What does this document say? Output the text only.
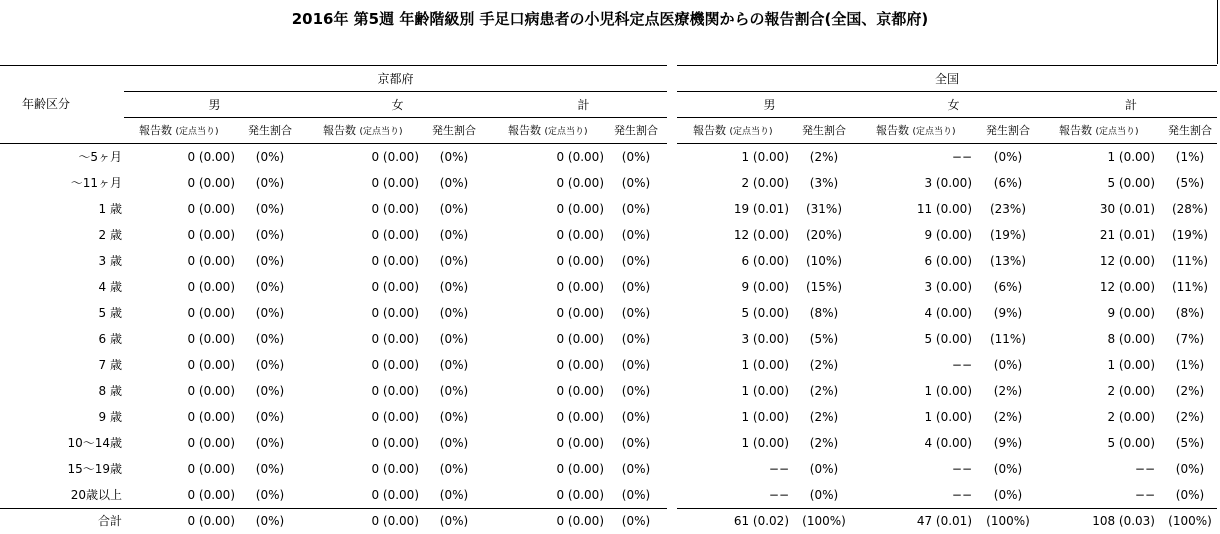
2016年 第5週 年齢階級別 手足口病患者の小児科定点医療機関からの報告割合(全国、京都府)
年齢区分
京都府	全国
男
報告数 (定点当り)	発生割合
女
報告数 (定点当り)	発生割合
計
報告数 (定点当り)	発生割合
男
報告数 (定点当り)	発生割合
女
報告数 (定点当り)	発生割合
計
報告数 (定点当り)	発生割合
〜5ヶ月	0 (0.00)	(0%)	0 (0.00)	(0%)	0 (0.00)	(0%)	1 (0.00)	(2%)	−−	(0%)	1 (0.00)	(1%)
〜11ヶ月	0 (0.00)	(0%)	0 (0.00)	(0%)	0 (0.00)	(0%)	2 (0.00)	(3%)	3 (0.00)	(6%)	5 (0.00)	(5%)
1 歳	0 (0.00)	(0%)	0 (0.00)	(0%)	0 (0.00)	(0%)	19 (0.01)	(31%)	11 (0.00)	(23%)	30 (0.01)	(28%)
2 歳	0 (0.00)	(0%)	0 (0.00)	(0%)	0 (0.00)	(0%)	12 (0.00)	(20%)	9 (0.00)	(19%)	21 (0.01)	(19%)
3 歳	0 (0.00)	(0%)	0 (0.00)	(0%)	0 (0.00)	(0%)	6 (0.00)	(10%)	6 (0.00)	(13%)	12 (0.00)	(11%)
4 歳	0 (0.00)	(0%)	0 (0.00)	(0%)	0 (0.00)	(0%)	9 (0.00)	(15%)	3 (0.00)	(6%)	12 (0.00)	(11%)
5 歳	0 (0.00)	(0%)	0 (0.00)	(0%)	0 (0.00)	(0%)	5 (0.00)	(8%)	4 (0.00)	(9%)	9 (0.00)	(8%)
6 歳	0 (0.00)	(0%)	0 (0.00)	(0%)	0 (0.00)	(0%)	3 (0.00)	(5%)	5 (0.00)	(11%)	8 (0.00)	(7%)
7 歳	0 (0.00)	(0%)	0 (0.00)	(0%)	0 (0.00)	(0%)	1 (0.00)	(2%)	−−	(0%)	1 (0.00)	(1%)
8 歳	0 (0.00)	(0%)	0 (0.00)	(0%)	0 (0.00)	(0%)	1 (0.00)	(2%)	1 (0.00)	(2%)	2 (0.00)	(2%)
9 歳	0 (0.00)	(0%)	0 (0.00)	(0%)	0 (0.00)	(0%)	1 (0.00)	(2%)	1 (0.00)	(2%)	2 (0.00)	(2%)
10〜14歳	0 (0.00)	(0%)	0 (0.00)	(0%)	0 (0.00)	(0%)	1 (0.00)	(2%)	4 (0.00)	(9%)	5 (0.00)	(5%)
15〜19歳	0 (0.00)	(0%)	0 (0.00)	(0%)	0 (0.00)	(0%)	−−	(0%)	−−	(0%)	−−	(0%)
20歳以上	0 (0.00)	(0%)	0 (0.00)	(0%)	0 (0.00)	(0%)	−−	(0%)	−−	(0%)	−−	(0%)
合計	0 (0.00)	(0%)	0 (0.00)	(0%)	0 (0.00)	(0%)	61 (0.02)	(100%)	47 (0.01)	(100%)	108 (0.03)	(100%)
